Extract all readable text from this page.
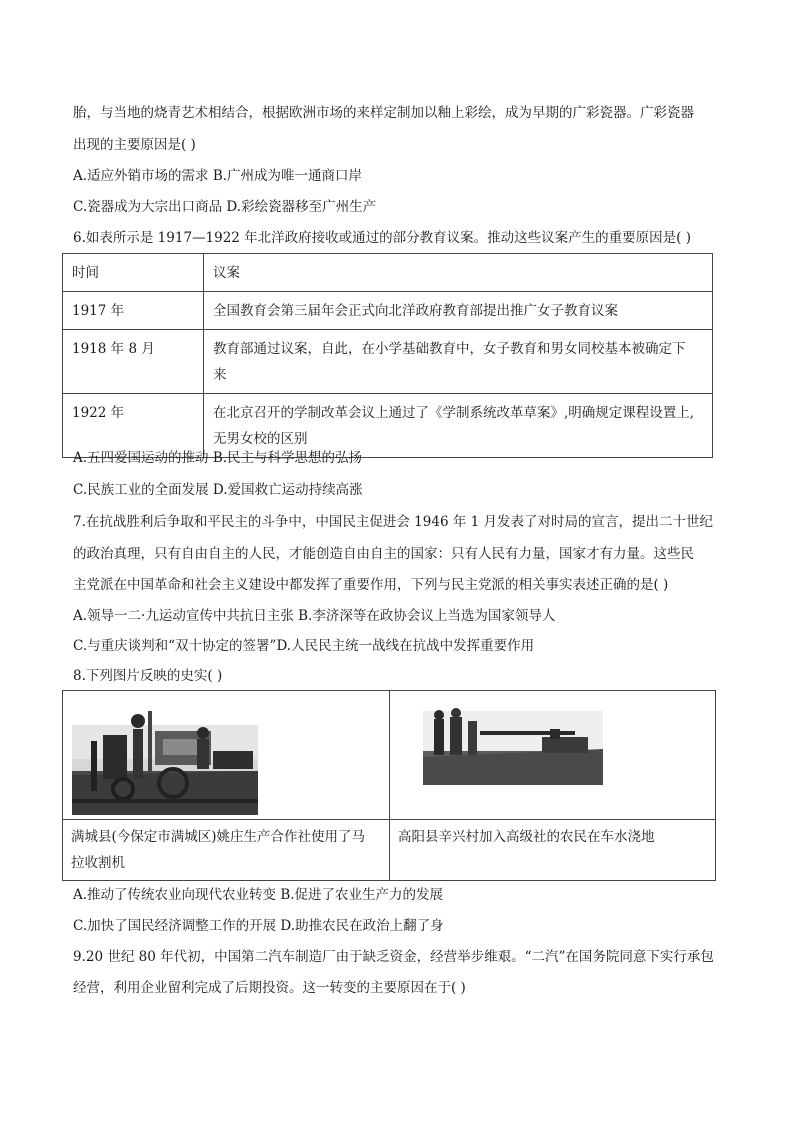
胎，与当地的烧青艺术相结合，根据欧洲市场的来样定制加以釉上彩绘，成为早期的广彩瓷器。广彩瓷器
出现的主要原因是( )
A.适应外销市场的需求 B.广州成为唯一通商口岸
C.瓷器成为大宗出口商品 D.彩绘瓷器移至广州生产
6.如表所示是 1917—1922 年北洋政府接收或通过的部分教育议案。推动这些议案产生的重要原因是( )
时间	议案
1917 年	全国教育会第三届年会正式向北洋政府教育部提出推广女子教育议案
1918 年 8 月	教育部通过议案，自此，在小学基础教育中，女子教育和男女同校基本被确定下
来

1922 年	在北京召开的学制改革会议上通过了《学制系统改革草案》,明确规定课程设置上,
无男女校的区别
A.五四爱国运动的推动 B.民主与科学思想的弘扬
C.民族工业的全面发展 D.爱国救亡运动持续高涨
7.在抗战胜利后争取和平民主的斗争中，中国民主促进会 1946 年 1 月发表了对时局的宣言，提出二十世纪
的政治真理，只有自由自主的人民，才能创造自由自主的国家：只有人民有力量，国家才有力量。这些民
主党派在中国革命和社会主义建设中都发挥了重要作用，下列与民主党派的相关事实表述正确的是( )
A.领导一二·九运动宣传中共抗日主张 B.李济深等在政协会议上当选为国家领导人
C.与重庆谈判和“双十协定的签署”D.人民民主统一战线在抗战中发挥重要作用
8.下列图片反映的史实( )

满城县(今保定市满城区)姚庄生产合作社使用了马
拉收割机	高阳县辛兴村加入高级社的农民在车水浇地
A.推动了传统农业向现代农业转变 B.促进了农业生产力的发展
C.加快了国民经济调整工作的开展 D.助推农民在政治上翻了身
9.20 世纪 80 年代初，中国第二汽车制造厂由于缺乏资金，经营举步维艰。“二汽”在国务院同意下实行承包
经营，利用企业留利完成了后期投资。这一转变的主要原因在于( )
